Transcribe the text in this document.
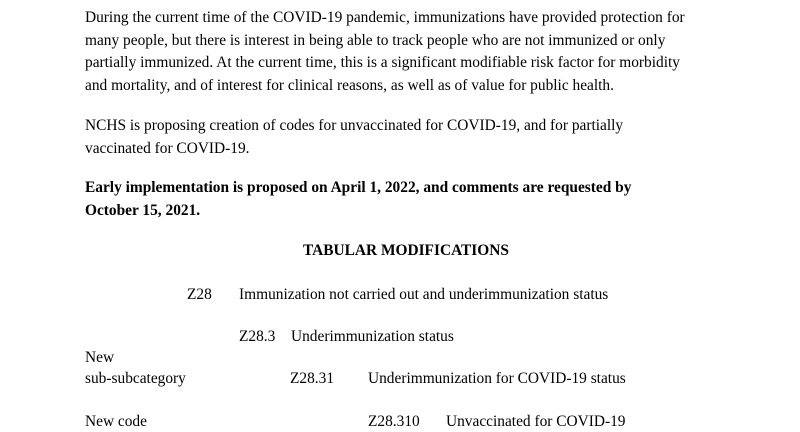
During the current time of the COVID-19 pandemic, immunizations have provided protection for
many people, but there is interest in being able to track people who are not immunized or only
partially immunized. At the current time, this is a significant modifiable risk factor for morbidity
and mortality, and of interest for clinical reasons, as well as of value for public health.

NCHS is proposing creation of codes for unvaccinated for COVID-19, and for partially
vaccinated for COVID-19.

Early implementation is proposed on April 1, 2022, and comments are requested by
October 15, 2021.

TABULAR MODIFICATIONS

Z28 Immunization not carried out and underimmunization status

Z28.3 Underimmunization status

New

sub-subcategory	Z28.31 Underimmunization for COVID-19 status

New code	Z28.310 Unvaccinated for COVID-19
